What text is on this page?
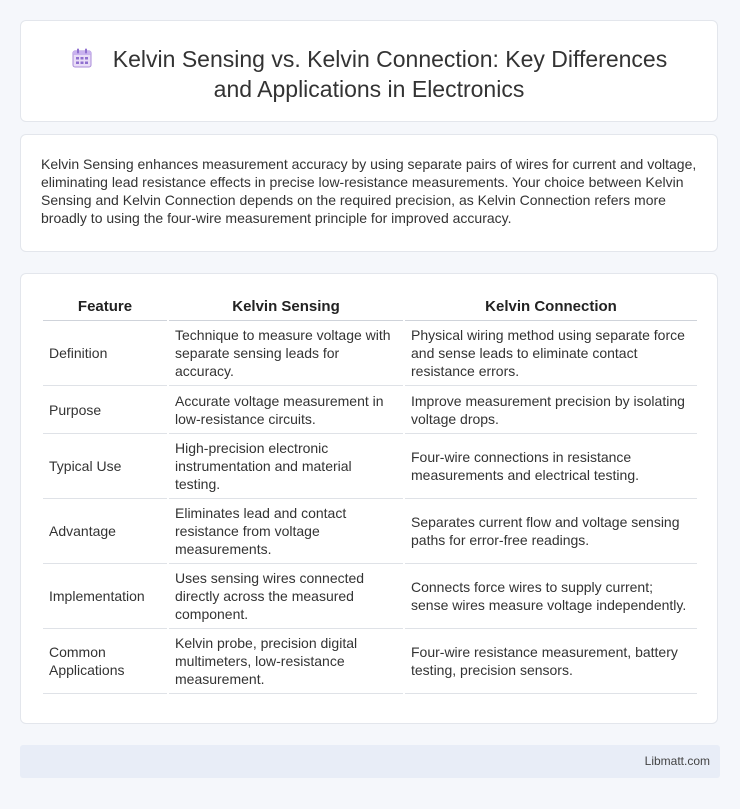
Kelvin Sensing vs. Kelvin Connection: Key Differences
and Applications in Electronics

Kelvin Sensing enhances measurement accuracy by using separate pairs of wires for current and voltage, eliminating lead resistance effects in precise low-resistance measurements. Your choice between Kelvin Sensing and Kelvin Connection depends on the required precision, as Kelvin Connection refers more broadly to using the four-wire measurement principle for improved accuracy.

Feature	Kelvin Sensing	Kelvin Connection
Definition	Technique to measure voltage with separate sensing leads for accuracy.	Physical wiring method using separate force and sense leads to eliminate contact resistance errors.
Purpose	Accurate voltage measurement in low-resistance circuits.	Improve measurement precision by isolating voltage drops.
Typical Use	High-precision electronic instrumentation and material testing.	Four-wire connections in resistance measurements and electrical testing.
Advantage	Eliminates lead and contact resistance from voltage measurements.	Separates current flow and voltage sensing paths for error-free readings.
Implementation	Uses sensing wires connected directly across the measured component.	Connects force wires to supply current; sense wires measure voltage independently.
Common Applications	Kelvin probe, precision digital multimeters, low-resistance measurement.	Four-wire resistance measurement, battery testing, precision sensors.
Libmatt.com
